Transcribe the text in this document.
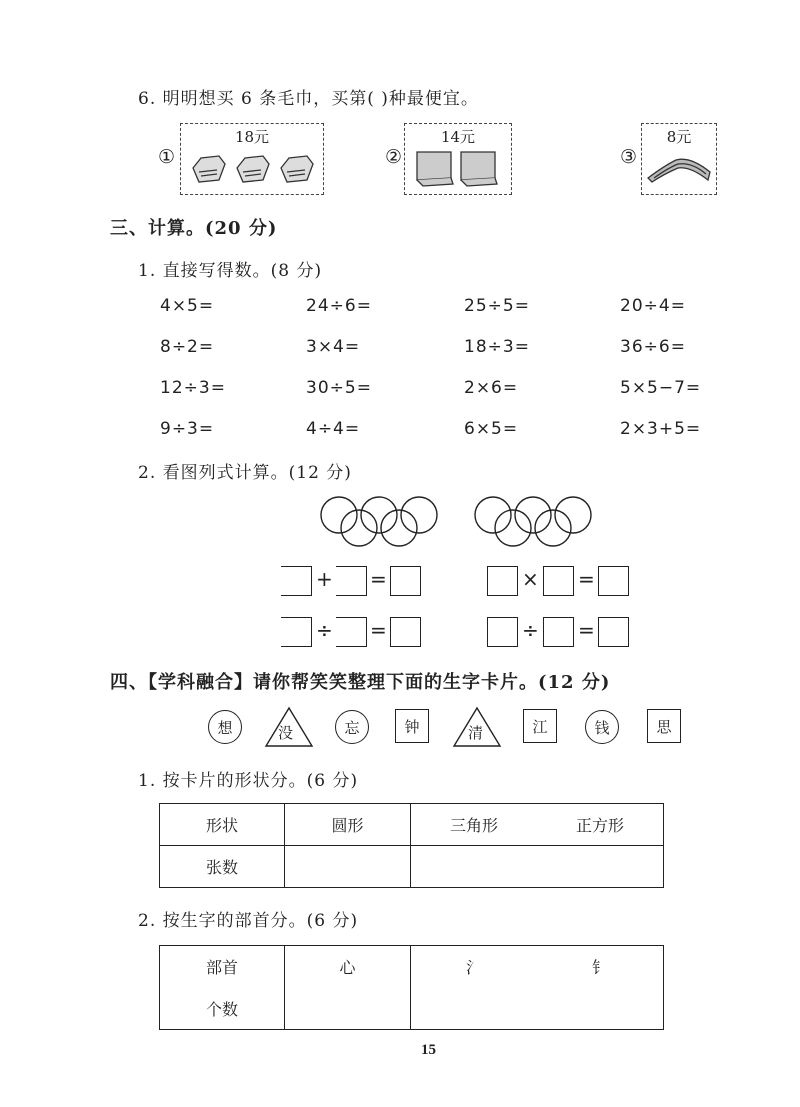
6. 明明想买 6 条毛巾，买第( )种最便宜。
①
18元
②
14元
③
8元
三、计算。(20 分)
1. 直接写得数。(8 分)
4×5=	24÷6=	25÷5=	20÷4=
8÷2=	3×4=	18÷3=	36÷6=
12÷3=	30÷5=	2×6=	5×5−7=
9÷3=	4÷4=	6×5=	2×3+5=
2. 看图列式计算。(12 分)
+ =	× =
÷ =	÷ =
四、【学科融合】请你帮笑笑整理下面的生字卡片。(12 分)
想	没	忘	钟	清	江	钱	思
1. 按卡片的形状分。(6 分)
形状	圆形	三角形	正方形
张数			
2. 按生字的部首分。(6 分)
部首	心	氵	钅
个数			
15
